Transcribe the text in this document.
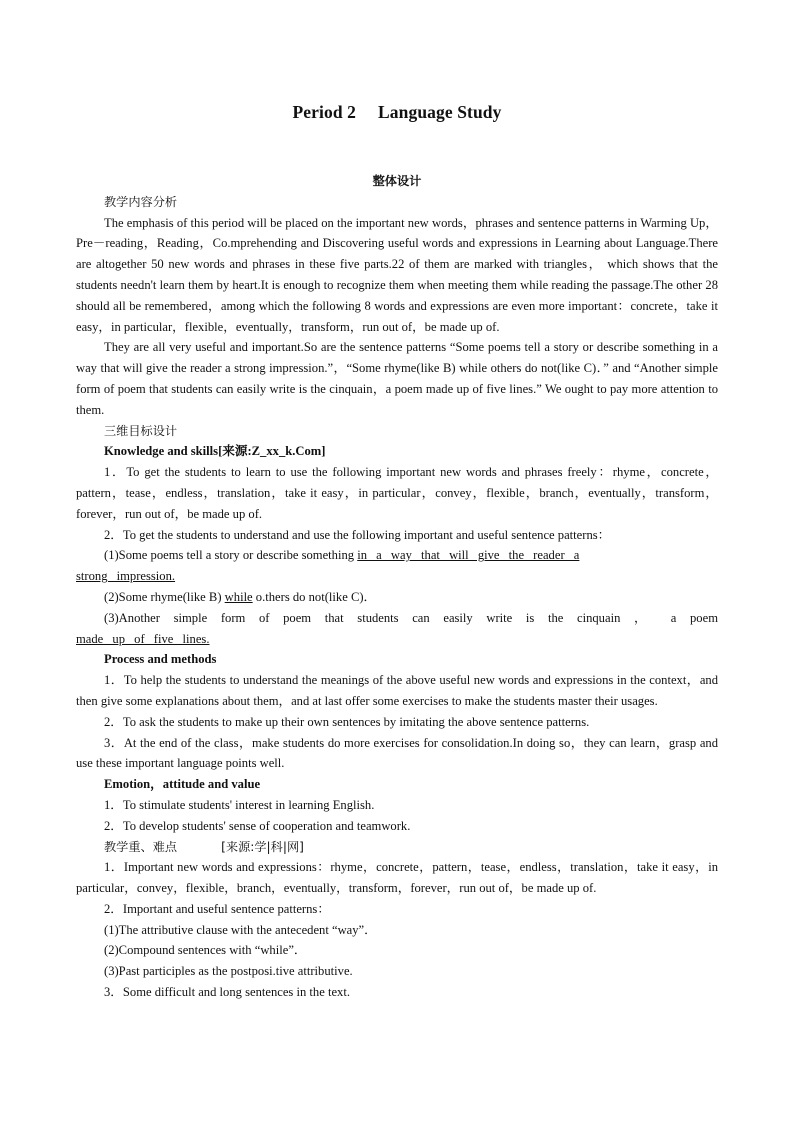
Period 2 Language Study

整体设计

教学内容分析

The emphasis of this period will be placed on the important new words，phrases and sentence patterns in Warming Up，Pre－reading，Reading，Co.mprehending and Discovering useful words and expressions in Learning about Language.There are altogether 50 new words and phrases in these five parts.22 of them are marked with triangles， which shows that the students needn't learn them by heart.It is enough to recognize them when meeting them while reading the passage.The other 28 should all be remembered，among which the following 8 words and expressions are even more important：concrete，take it easy，in particular，flexible，eventually，transform，run out of，be made up of.

They are all very useful and important.So are the sentence patterns “Some poems tell a story or describe something in a way that will give the reader a strong impression.”，“Some rhyme(like B) while others do not(like C)．” and “Another simple form of poem that students can easily write is the cinquain，a poem made up of five lines.” We ought to pay more attention to them.

三维目标设计

Knowledge and skills[来源:Z_xx_k.Com]

1．To get the students to learn to use the following important new words and phrases freely：rhyme，concrete，pattern，tease，endless，translation，take it easy，in particular，convey，flexible，branch，eventually，transform，forever，run out of，be made up of.

2．To get the students to understand and use the following important and useful sentence patterns：

(1)Some poems tell a story or describe something in a way that will give the reader a
strong impression.

(2)Some rhyme(like B) while o.thers do not(like C)．

(3)Another simple form of poem that students can easily write is the cinquain ， a poem

made up of five lines.

Process and methods

1．To help the students to understand the meanings of the above useful new words and expressions in the context，and then give some explanations about them，and at last offer some exercises to make the students master their usages.

2．To ask the students to make up their own sentences by imitating the above sentence patterns.

3．At the end of the class，make students do more exercises for consolidation.In doing so，they can learn，grasp and use these important language points well.

Emotion，attitude and value

1．To stimulate students' interest in learning English.

2．To develop students' sense of cooperation and teamwork.

教学重、难点	[来源:学|科|网]

1．Important new words and expressions：rhyme，concrete，pattern，tease，endless，translation，take it easy，in particular，convey，flexible，branch，eventually，transform，forever，run out of，be made up of.

2．Important and useful sentence patterns：

(1)The attributive clause with the antecedent “way”．

(2)Compound sentences with “while”．

(3)Past participles as the postposi.tive attributive.

3．Some difficult and long sentences in the text.
